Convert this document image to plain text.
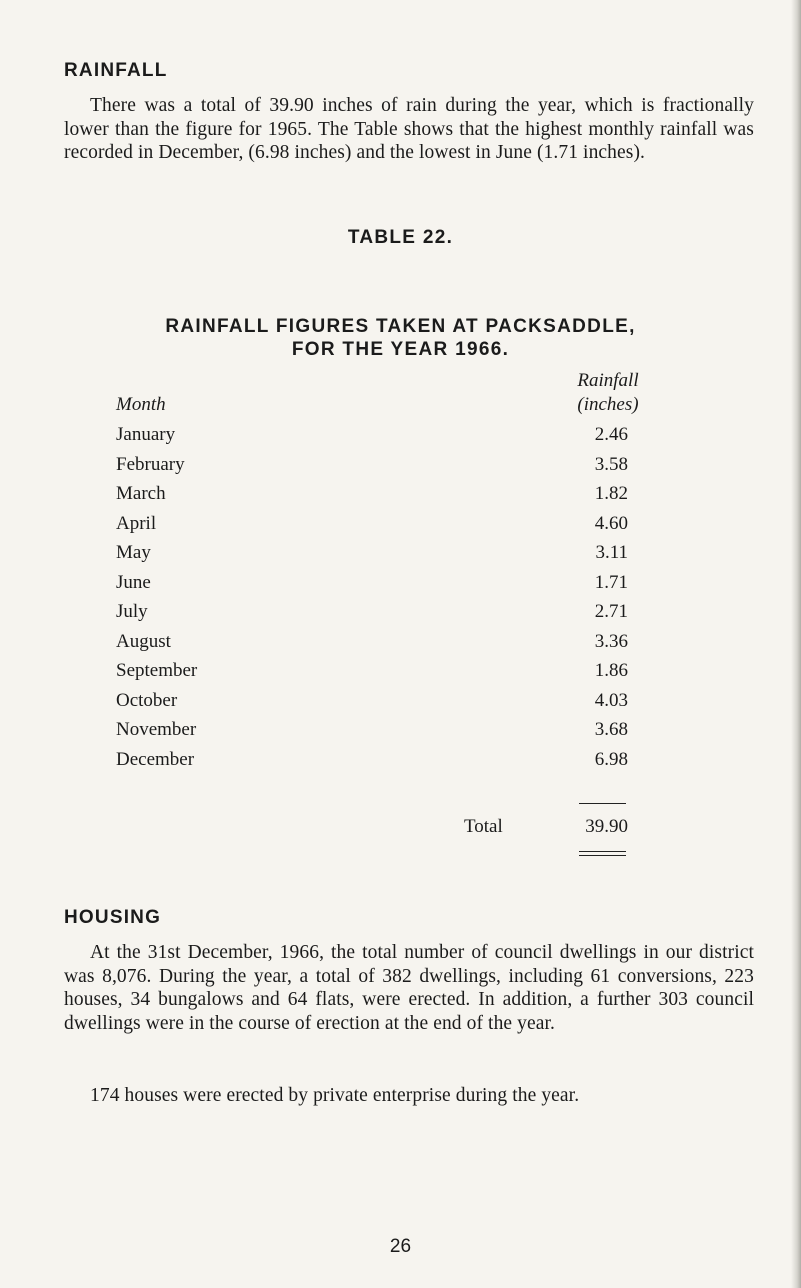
RAINFALL

There was a total of 39.90 inches of rain during the year, which is fractionally lower than the figure for 1965. The Table shows that the highest monthly rainfall was recorded in December, (6.98 inches) and the lowest in June (1.71 inches).

TABLE 22.
RAINFALL FIGURES TAKEN AT PACKSADDLE,
FOR THE YEAR 1966.
Month
Rainfall
(inches)
January	2.46
February	3.58
March	1.82
April	4.60
May	3.11
June	1.71
July	2.71
August	3.36
September	1.86
October	4.03
November	3.68
December	6.98
Total	39.90
HOUSING

At the 31st December, 1966, the total number of council dwellings in our district was 8,076. During the year, a total of 382 dwellings, including 61 conversions, 223 houses, 34 bungalows and 64 flats, were erected. In addition, a further 303 council dwellings were in the course of erection at the end of the year.

174 houses were erected by private enterprise during the year.

26
